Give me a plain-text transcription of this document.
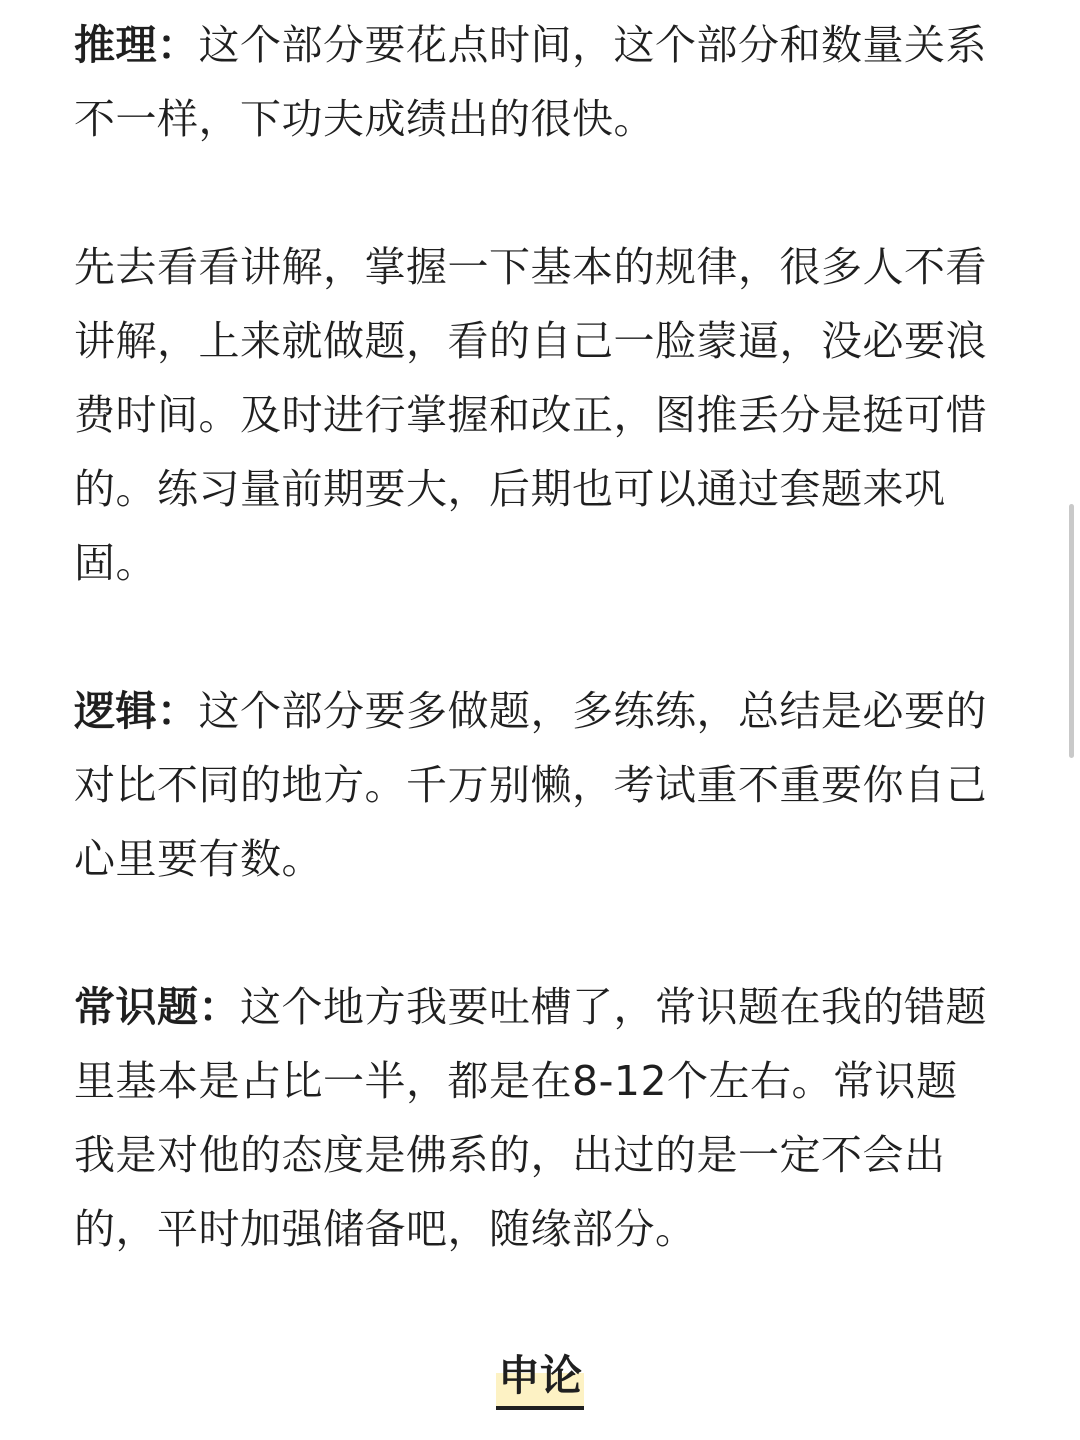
推理：这个部分要花点时间，这个部分和数量关系不一样，下功夫成绩出的很快。

先去看看讲解，掌握一下基本的规律，很多人不看讲解，上来就做题，看的自己一脸蒙逼，没必要浪费时间。及时进行掌握和改正，图推丢分是挺可惜的。练习量前期要大，后期也可以通过套题来巩固。

逻辑：这个部分要多做题，多练练，总结是必要的对比不同的地方。千万别懒，考试重不重要你自己心里要有数。

常识题：这个地方我要吐槽了，常识题在我的错题里基本是占比一半，都是在8-12个左右。常识题我是对他的态度是佛系的，出过的是一定不会出的，平时加强储备吧，随缘部分。

申论
